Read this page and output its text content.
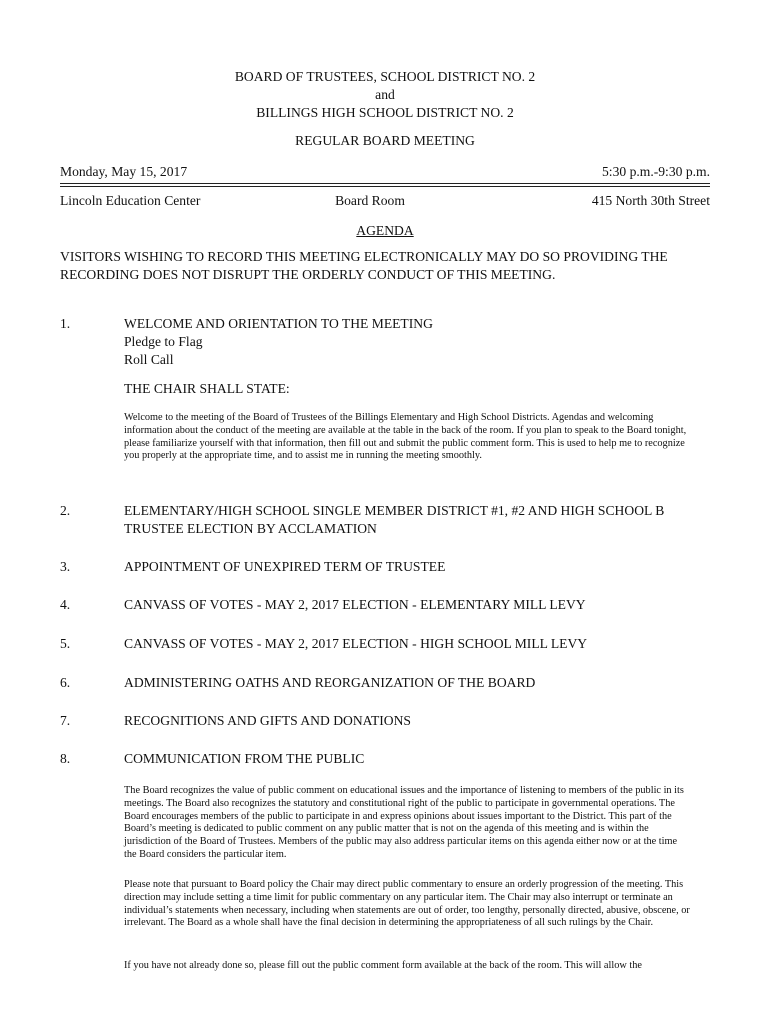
BOARD OF TRUSTEES, SCHOOL DISTRICT NO. 2
and
BILLINGS HIGH SCHOOL DISTRICT NO. 2
REGULAR BOARD MEETING
Monday, May 15, 2017	5:30 p.m.-9:30 p.m.
Lincoln Education Center	Board Room	415 North 30th Street
AGENDA
VISITORS WISHING TO RECORD THIS MEETING ELECTRONICALLY MAY DO SO PROVIDING THE RECORDING DOES NOT DISRUPT THE ORDERLY CONDUCT OF THIS MEETING.
1.	WELCOME AND ORIENTATION TO THE MEETING
Pledge to Flag
Roll Call
THE CHAIR SHALL STATE:
Welcome to the meeting of the Board of Trustees of the Billings Elementary and High School Districts. Agendas and welcoming information about the conduct of the meeting are available at the table in the back of the room. If you plan to speak to the Board tonight, please familiarize yourself with that information, then fill out and submit the public comment form. This is used to help me to recognize you properly at the appropriate time, and to assist me in running the meeting smoothly.
2.	ELEMENTARY/HIGH SCHOOL SINGLE MEMBER DISTRICT #1, #2 AND HIGH SCHOOL B TRUSTEE ELECTION BY ACCLAMATION
3.	APPOINTMENT OF UNEXPIRED TERM OF TRUSTEE
4.	CANVASS OF VOTES - MAY 2, 2017 ELECTION - ELEMENTARY MILL LEVY
5.	CANVASS OF VOTES - MAY 2, 2017 ELECTION - HIGH SCHOOL MILL LEVY
6.	ADMINISTERING OATHS AND REORGANIZATION OF THE BOARD
7.	RECOGNITIONS AND GIFTS AND DONATIONS
8.	COMMUNICATION FROM THE PUBLIC
The Board recognizes the value of public comment on educational issues and the importance of listening to members of the public in its meetings. The Board also recognizes the statutory and constitutional right of the public to participate in governmental operations. The Board encourages members of the public to participate in and express opinions about issues important to the District. This part of the Board’s meeting is dedicated to public comment on any public matter that is not on the agenda of this meeting and is within the jurisdiction of the Board of Trustees. Members of the public may also address particular items on this agenda either now or at the time the Board considers the particular item.
Please note that pursuant to Board policy the Chair may direct public commentary to ensure an orderly progression of the meeting. This direction may include setting a time limit for public commentary on any particular item. The Chair may also interrupt or terminate an individual’s statements when necessary, including when statements are out of order, too lengthy, personally directed, abusive, obscene, or irrelevant. The Board as a whole shall have the final decision in determining the appropriateness of all such rulings by the Chair.
If you have not already done so, please fill out the public comment form available at the back of the room. This will allow the
